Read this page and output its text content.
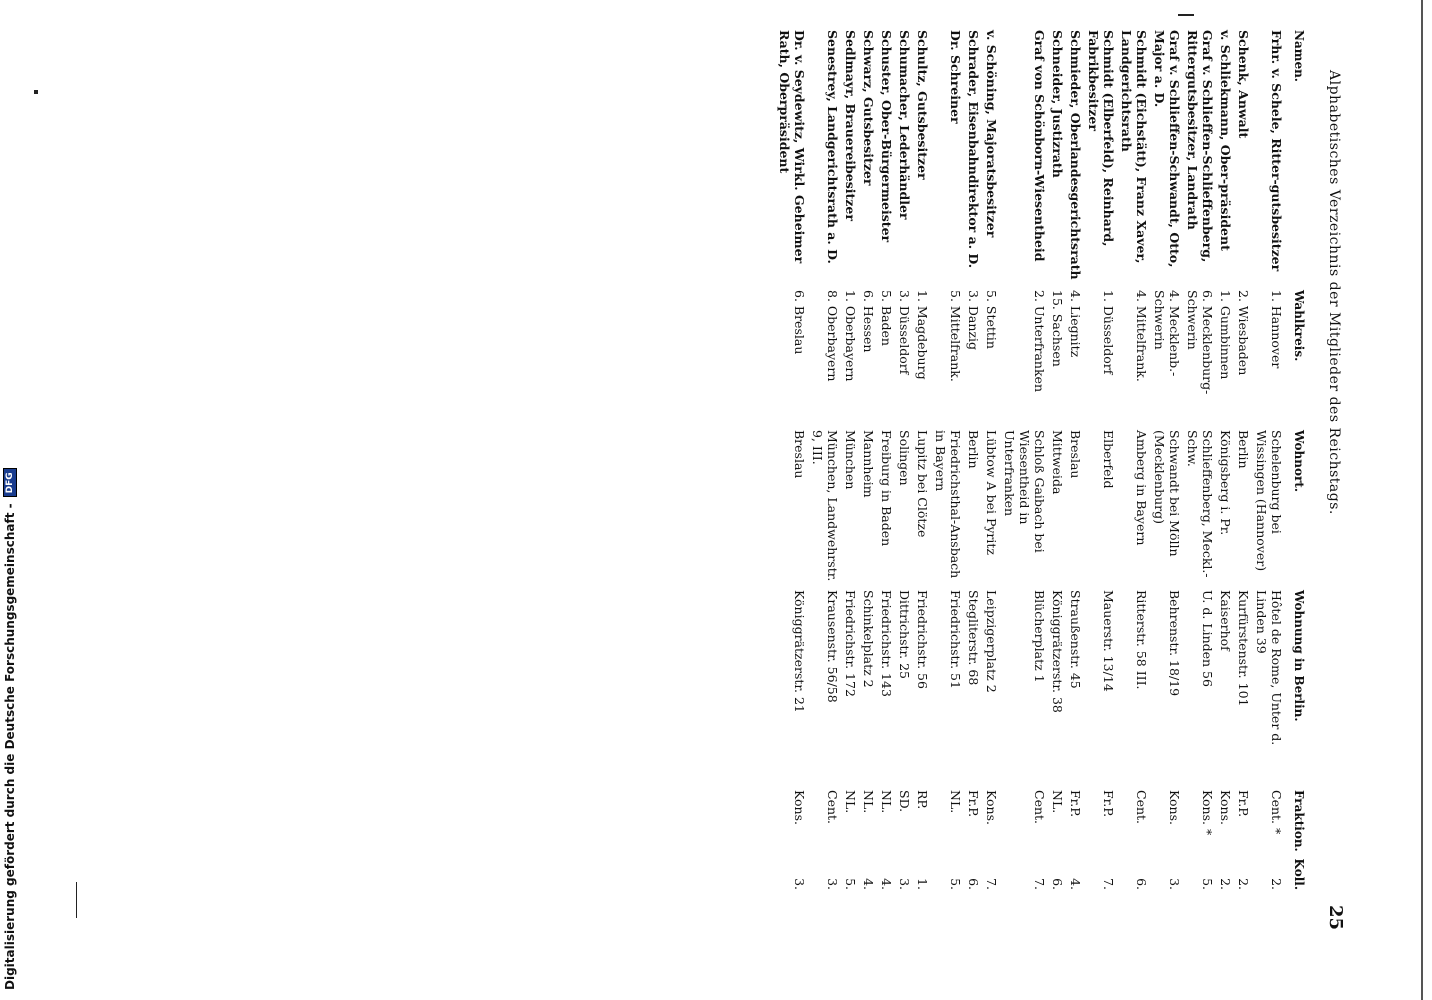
Alphabetisches Verzeichnis der Mitglieder des Reichstags.
25
Namen.
Wahlkreis.
Wohnort.
Wohnung in Berlin.
Fraktion.
Koll.
Frhr. v. Schele, Ritter-gutsbesitzer
1. Hannover
Schelenburg bei Wissingen (Hannover)
Hôtel de Rome, Unter d. Linden 39
Cent. *
2.
Schenk, Anwalt
2. Wiesbaden
Berlin
Kurfürstenstr. 101
Fr.P.
2.
v. Schliekmann, Ober-präsident
1. Gumbinnen
Königsberg i. Pr.
Kaiserhof
Kons.
2.
Graf v. Schlieffen-Schlieffenberg, Rittergutsbesitzer, Landrath
6. Mecklenburg-Schwerin
Schlieffenberg, Meckl.-Schw.
U. d. Linden 56
Kons. *
5.
Graf v. Schlieffen-Schwandt, Otto, Major a. D.
4. Mecklenb.-Schwerin
Schwandt bei Mölln (Mecklenburg)
Behrenstr. 18/19
Kons.
3.
Schmidt (Eichstätt), Franz Xaver, Landgerichtsrath
4. Mittelfrank.
Amberg in Bayern
Ritterstr. 58 III.
Cent.
6.
Schmidt (Elberfeld), Reinhard, Fabrikbesitzer
1. Düsseldorf
Elberfeld
Mauerstr. 13/14
Fr.P.
7.
Schmieder, Oberlandesgerichtsrath
4. Liegnitz
Breslau
Straußenstr. 45
Fr.P.
4.
Schneider, Justizrath
15. Sachsen
Mittweida
Königgrätzerstr. 38
NL.
6.
Graf von Schönborn-Wiesentheid
2. Unterfranken
Schloß Gaibach bei Wiesentheid in Unterfranken
Blücherplatz 1
Cent.
7.
v. Schöning, Majoratsbesitzer
5. Stettin
Lübtow A bei Pyritz
Leipzigerplatz 2
Kons.
7.
Schrader, Eisenbahndirektor a. D.
3. Danzig
Berlin
Stegliterstr. 68
Fr.P.
6.
Dr. Schreiner
5. Mittelfrank.
Friedrichsthal-Ansbach in Bayern
Friedrichstr. 51
NL.
5.
Schultz, Gutsbesitzer
1. Magdeburg
Lupitz bei Clötze
Friedrichstr. 56
RP.
1.
Schumacher, Lederhändler
3. Düsseldorf
Solingen
Dittrichstr. 25
SD.
3.
Schuster, Ober-Bürgermeister
5. Baden
Freiburg in Baden
Friedrichstr. 143
NL.
4.
Schwarz, Gutsbesitzer
6. Hessen
Mannheim
Schinkelplatz 2
NL.
4.
Sedlmayr, Brauereibesitzer
1. Oberbayern
München
Friedrichstr. 172
NL.
5.
Senestrey, Landgerichtsrath a. D.
8. Oberbayern
München, Landwehrstr. 9, III.
Krausenstr. 56/58
Cent.
3.
Dr. v. Seydewitz, Wirkl. Geheimer Rath, Oberpräsident
6. Breslau
Breslau
Königgrätzerstr. 21
Kons.
3.
Digitalisierung gefördert durch die Deutsche Forschungsgemeinschaft -
DFG
